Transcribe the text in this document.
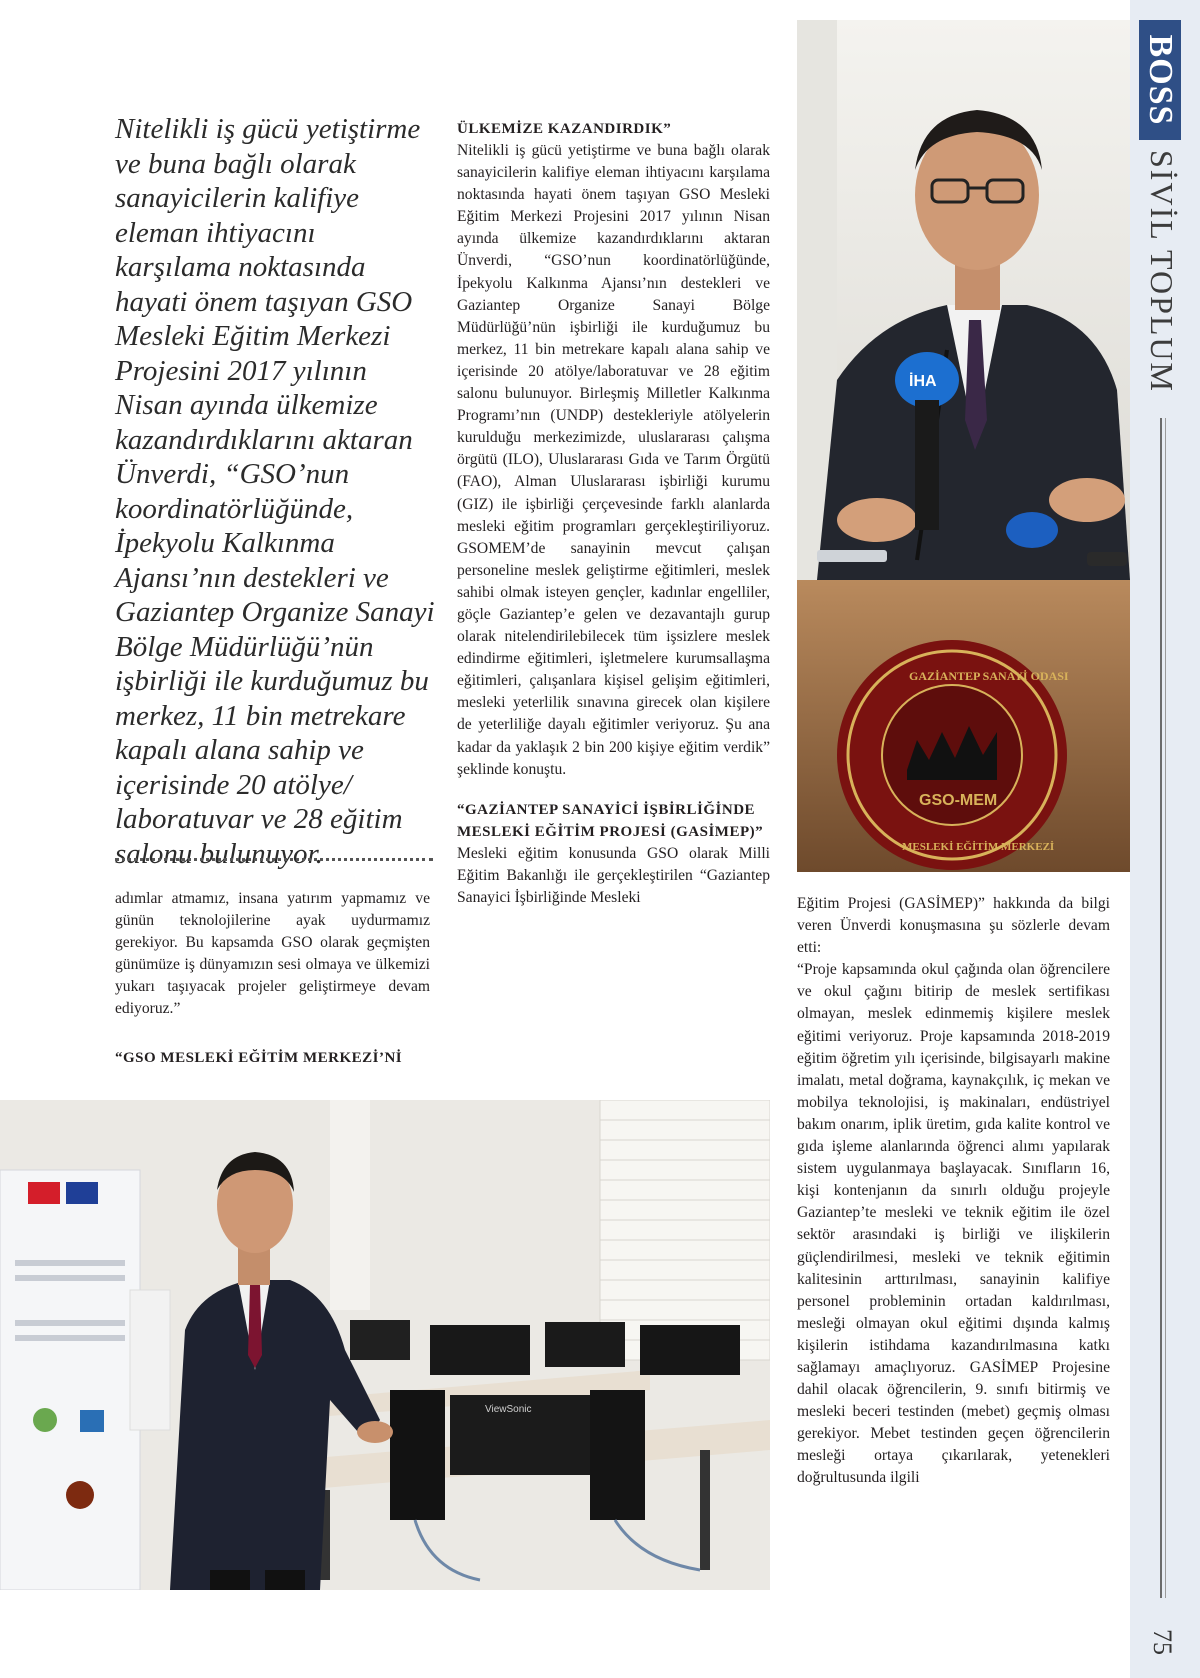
BOSS
SİVİL TOPLUM
75

Nitelikli iş gücü yetiştirme ve buna bağlı olarak sanayicilerin kalifiye eleman ihtiyacını karşılama noktasında hayati önem taşıyan GSO Mesleki Eğitim Merkezi Projesini 2017 yılının Nisan ayında ülkemize kazandırdıklarını aktaran Ünverdi, “GSO’nun koordinatörlüğünde, İpekyolu Kalkınma Ajansı’nın destekleri ve Gaziantep Organize Sanayi Bölge Müdürlüğü’nün işbirliği ile kurduğumuz bu merkez, 11 bin metrekare kapalı alana sahip ve içerisinde 20 atölye/ laboratuvar ve 28 eğitim salonu bulunuyor.

adımlar atmamız, insana yatırım yapmamız ve günün teknolojilerine ayak uydurmamız gerekiyor. Bu kapsamda GSO olarak geçmişten günümüze iş dünyamızın sesi olmaya ve ülkemizi yukarı taşıyacak projeler geliştirmeye devam ediyoruz.”

“GSO MESLEKİ EĞİTİM MERKEZİ’Nİ

ÜLKEMİZE KAZANDIRDIK”

Nitelikli iş gücü yetiştirme ve buna bağlı olarak sanayicilerin kalifiye eleman ihtiyacını karşılama noktasında hayati önem taşıyan GSO Mesleki Eğitim Merkezi Projesini 2017 yılının Nisan ayında ülkemize kazandırdıklarını aktaran Ünverdi, “GSO’nun koordinatörlüğünde, İpekyolu Kalkınma Ajansı’nın destekleri ve Gaziantep Organize Sanayi Bölge Müdürlüğü’nün işbirliği ile kurduğumuz bu merkez, 11 bin metrekare kapalı alana sahip ve içerisinde 20 atölye/laboratuvar ve 28 eğitim salonu bulunuyor. Birleşmiş Milletler Kalkınma Programı’nın (UNDP) destekleriyle atölyelerin kurulduğu merkezimizde, uluslararası çalışma örgütü (ILO), Uluslararası Gıda ve Tarım Örgütü (FAO), Alman Uluslararası işbirliği kurumu (GIZ) ile işbirliği çerçevesinde farklı alanlarda mesleki eğitim programları gerçekleştiriliyoruz. GSOMEM’de sanayinin mevcut çalışan personeline meslek geliştirme eğitimleri, meslek sahibi olmak isteyen gençler, kadınlar engelliler, göçle Gaziantep’e gelen ve dezavantajlı gurup olarak nitelendirilebilecek tüm işsizlere meslek edindirme eğitimleri, işletmelere kurumsallaşma eğitimleri, çalışanlara kişisel gelişim eğitimleri, mesleki yeterlilik sınavına girecek olan kişilere de yeterliliğe dayalı eğitimler veriyoruz. Şu ana kadar da yaklaşık 2 bin 200 kişiye eğitim verdik” şeklinde konuştu.

“GAZİANTEP SANAYİCİ İŞBİRLİĞİNDE MESLEKİ EĞİTİM PROJESİ (GASİMEP)”

Mesleki eğitim konusunda GSO olarak Milli Eğitim Bakanlığı ile gerçekleştirilen “Gaziantep Sanayici İşbirliğinde Mesleki	Eğitim Projesi (GASİMEP)” hakkında da bilgi veren Ünverdi konuşmasına şu sözlerle devam etti:

“Proje kapsamında okul çağında olan öğrencilere ve okul çağını bitirip de meslek sertifikası olmayan, meslek edinmemiş kişilere meslek eğitimi veriyoruz. Proje kapsamında 2018-2019 eğitim öğretim yılı içerisinde, bilgisayarlı makine imalatı, metal doğrama, kaynakçılık, iç mekan ve mobilya teknolojisi, iş makinaları, endüstriyel bakım onarım, iplik üretim, gıda kalite kontrol ve gıda işleme alanlarında öğrenci alımı yapılarak sistem uygulanmaya başlayacak. Sınıfların 16, kişi kontenjanın da sınırlı olduğu projeyle Gaziantep’te mesleki ve teknik eğitim ile özel sektör arasındaki iş birliği ve ilişkilerin güçlendirilmesi, mesleki ve teknik eğitimin kalitesinin arttırılması, sanayinin kalifiye personel probleminin ortadan kaldırılması, mesleği olmayan okul eğitimi dışında kalmış kişilerin istihdama kazandırılmasına katkı sağlamayı amaçlıyoruz. GASİMEP Projesine dahil olacak öğrencilerin, 9. sınıfı bitirmiş ve mesleki beceri testinden (mebet) geçmiş olması gerekiyor. Mebet testinden geçen öğrencilerin mesleği ortaya çıkarılarak, yetenekleri doğrultusunda ilgili

İHA
GAZİANTEP SANAYİ ODASI
GSO-MEM
MESLEKİ EĞİTİM MERKEZİ
ViewSonic
